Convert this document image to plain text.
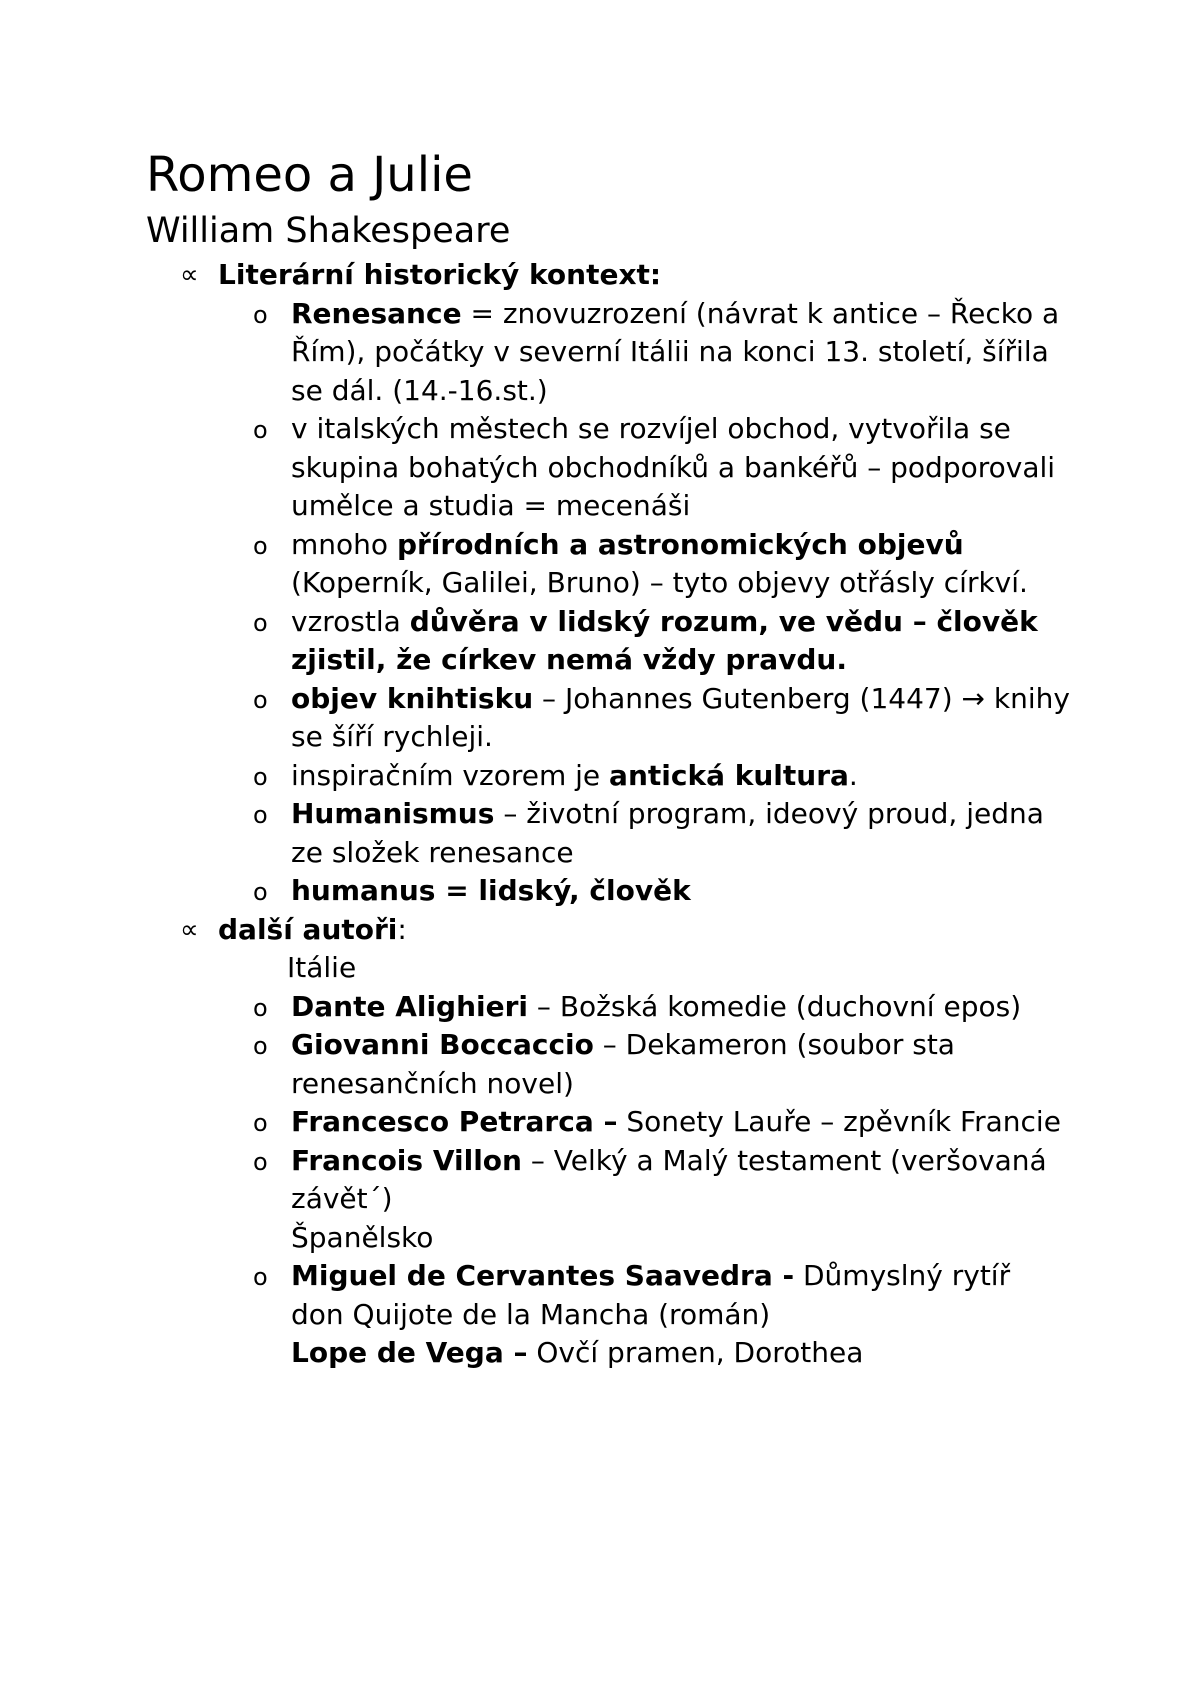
Romeo a Julie
William Shakespeare
∝ Literární historický kontext:
o Renesance = znovuzrození (návrat k antice – Řecko a Řím), počátky v severní Itálii na konci 13. století, šířila se dál. (14.-16.st.)
o v italských městech se rozvíjel obchod, vytvořila se skupina bohatých obchodníků a bankéřů – podporovali umělce a studia = mecenáši
o mnoho přírodních a astronomických objevů (Koperník, Galilei, Bruno) – tyto objevy otřásly církví.
o vzrostla důvěra v lidský rozum, ve vědu – člověk zjistil, že církev nemá vždy pravdu.
o objev knihtisku – Johannes Gutenberg (1447) → knihy se šíří rychleji.
o inspiračním vzorem je antická kultura.
o Humanismus – životní program, ideový proud, jedna ze složek renesance
o humanus = lidský, člověk
∝ další autoři:
Itálie
o Dante Alighieri – Božská komedie (duchovní epos)
o Giovanni Boccaccio – Dekameron (soubor sta renesančních novel)
o Francesco Petrarca – Sonety Lauře – zpěvník Francie
o Francois Villon – Velký a Malý testament (veršovaná závět´)
Španělsko
o Miguel de Cervantes Saavedra - Důmyslný rytíř don Quijote de la Mancha (román)
Lope de Vega – Ovčí pramen, Dorothea
